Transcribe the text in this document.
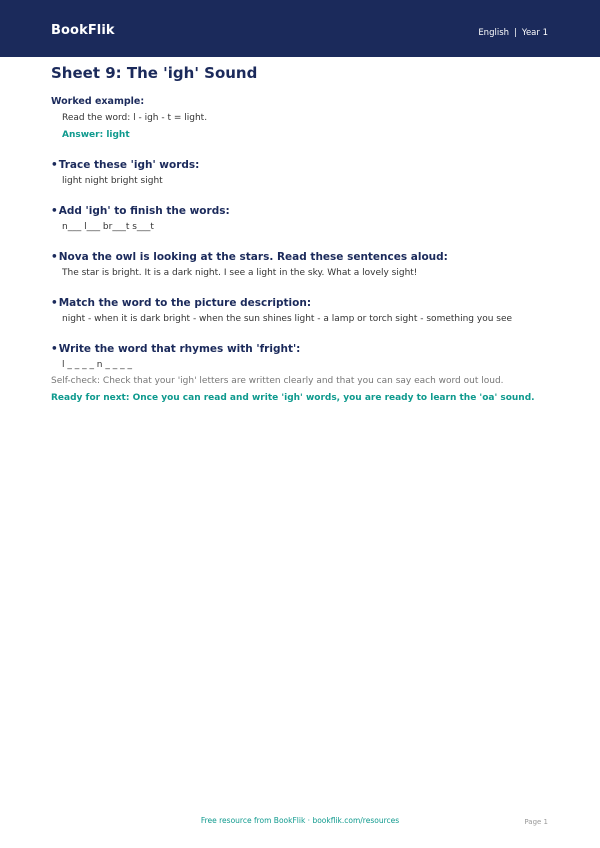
BookFlik	English | Year 1
Sheet 9: The 'igh' Sound

Worked example:

Read the word: l - igh - t = light.

Answer: light

•Trace these 'igh' words:
light night bright sight
•Add 'igh' to finish the words:
n___ l___ br___t s___t
•Nova the owl is looking at the stars. Read these sentences aloud:
The star is bright. It is a dark night. I see a light in the sky. What a lovely sight!
•Match the word to the picture description:
night - when it is dark bright - when the sun shines light - a lamp or torch sight - something you see
•Write the word that rhymes with 'fright':
l _ _ _ _ n _ _ _ _
Self-check: Check that your 'igh' letters are written clearly and that you can say each word out loud.
Ready for next: Once you can read and write 'igh' words, you are ready to learn the 'oa' sound.
Free resource from BookFlik · bookflik.com/resources	Page 1
